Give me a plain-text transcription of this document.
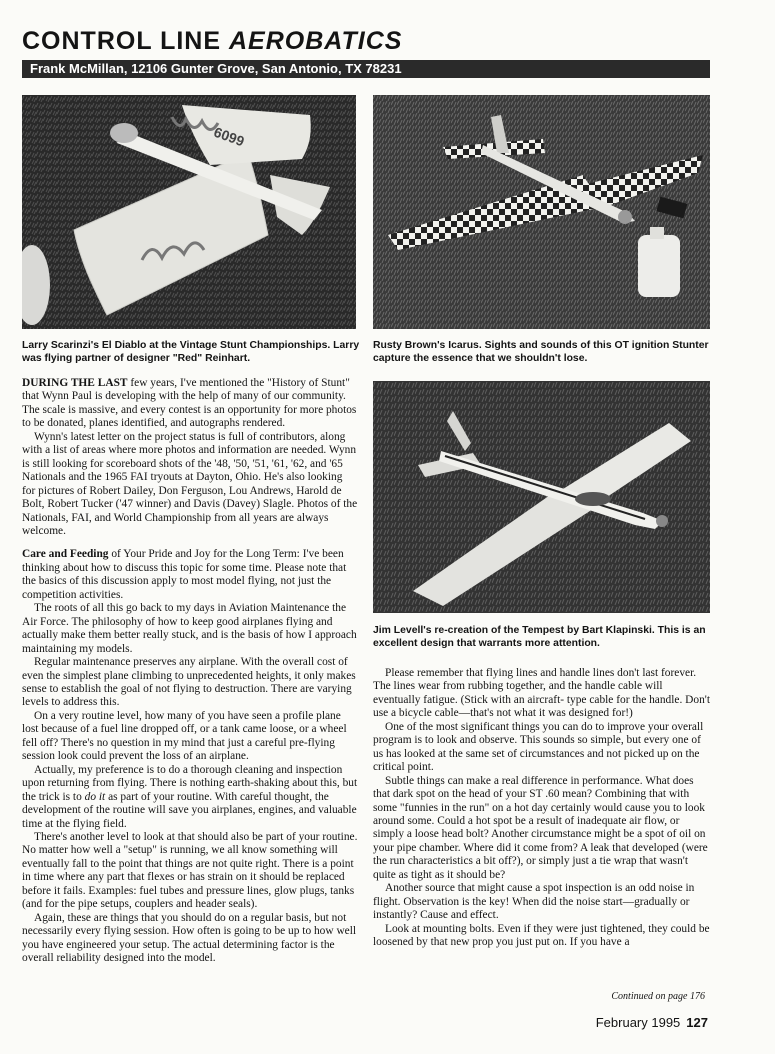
CONTROL LINE AEROBATICS
Frank McMillan, 12106 Gunter Grove, San Antonio, TX 78231
6609
Larry Scarinzi's El Diablo at the Vintage Stunt Championships. Larry was flying partner of designer "Red" Reinhart.
Rusty Brown's Icarus. Sights and sounds of this OT ignition Stunter capture the essence that we shouldn't lose.
Jim Levell's re-creation of the Tempest by Bart Klapinski. This is an excellent design that warrants more attention.

DURING THE LAST few years, I've mentioned the "History of Stunt" that Wynn Paul is developing with the help of many of our community. The scale is massive, and every contest is an opportunity for more photos to be donated, planes identified, and autographs rendered.

Wynn's latest letter on the project status is full of contributors, along with a list of areas where more photos and information are needed. Wynn is still looking for scoreboard shots of the '48, '50, '51, '61, '62, and '65 Nationals and the 1965 FAI tryouts at Dayton, Ohio. He's also looking for pictures of Robert Dailey, Don Ferguson, Lou Andrews, Harold de Bolt, Robert Tucker ('47 winner) and Davis (Davey) Slagle. Photos of the Nationals, FAI, and World Championship from all years are always welcome.

Care and Feeding of Your Pride and Joy for the Long Term: I've been thinking about how to discuss this topic for some time. Please note that the basics of this discussion apply to most model flying, not just the competition activities.

The roots of all this go back to my days in Aviation Maintenance the Air Force. The philosophy of how to keep good airplanes flying and actually make them better really stuck, and is the basis of how I approach maintaining my models.

Regular maintenance preserves any airplane. With the overall cost of even the simplest plane climbing to unprecedented heights, it only makes sense to establish the goal of not flying to destruction. There are varying levels to address this.

On a very routine level, how many of you have seen a profile plane lost because of a fuel line dropped off, or a tank came loose, or a wheel fell off? There's no question in my mind that just a careful pre-flying session look could prevent the loss of an airplane.

Actually, my preference is to do a thorough cleaning and inspection upon returning from flying. There is nothing earth-shaking about this, but the trick is to do it as part of your routine. With careful thought, the development of the routine will save you airplanes, engines, and valuable time at the flying field.

There's another level to look at that should also be part of your routine. No matter how well a "setup" is running, we all know something will eventually fall to the point that things are not quite right. There is a point in time where any part that flexes or has strain on it should be replaced before it fails. Examples: fuel tubes and pressure lines, glow plugs, tanks (and for the pipe setups, couplers and header seals).

Again, these are things that you should do on a regular basis, but not necessarily every flying session. How often is going to be up to how well you have engineered your setup. The actual determining factor is the overall reliability designed into the model.

Please remember that flying lines and handle lines don't last forever. The lines wear from rubbing together, and the handle cable will eventually fatigue. (Stick with an aircraft- type cable for the handle. Don't use a bicycle cable—that's not what it was designed for!)

One of the most significant things you can do to improve your overall program is to look and observe. This sounds so simple, but every one of us has looked at the same set of circumstances and not picked up on the critical point.

Subtle things can make a real difference in performance. What does that dark spot on the head of your ST .60 mean? Combining that with some "funnies in the run" on a hot day certainly would cause you to look around some. Could a hot spot be a result of inadequate air flow, or simply a loose head bolt? Another circumstance might be a spot of oil on your pipe chamber. Where did it come from? A leak that developed (were the run characteristics a bit off?), or simply just a tie wrap that wasn't quite as tight as it should be?

Another source that might cause a spot inspection is an odd noise in flight. Observation is the key! When did the noise start—gradually or instantly? Cause and effect.

Look at mounting bolts. Even if they were just tightened, they could be loosened by that new prop you just put on. If you have a

Continued on page 176
February 1995 127
